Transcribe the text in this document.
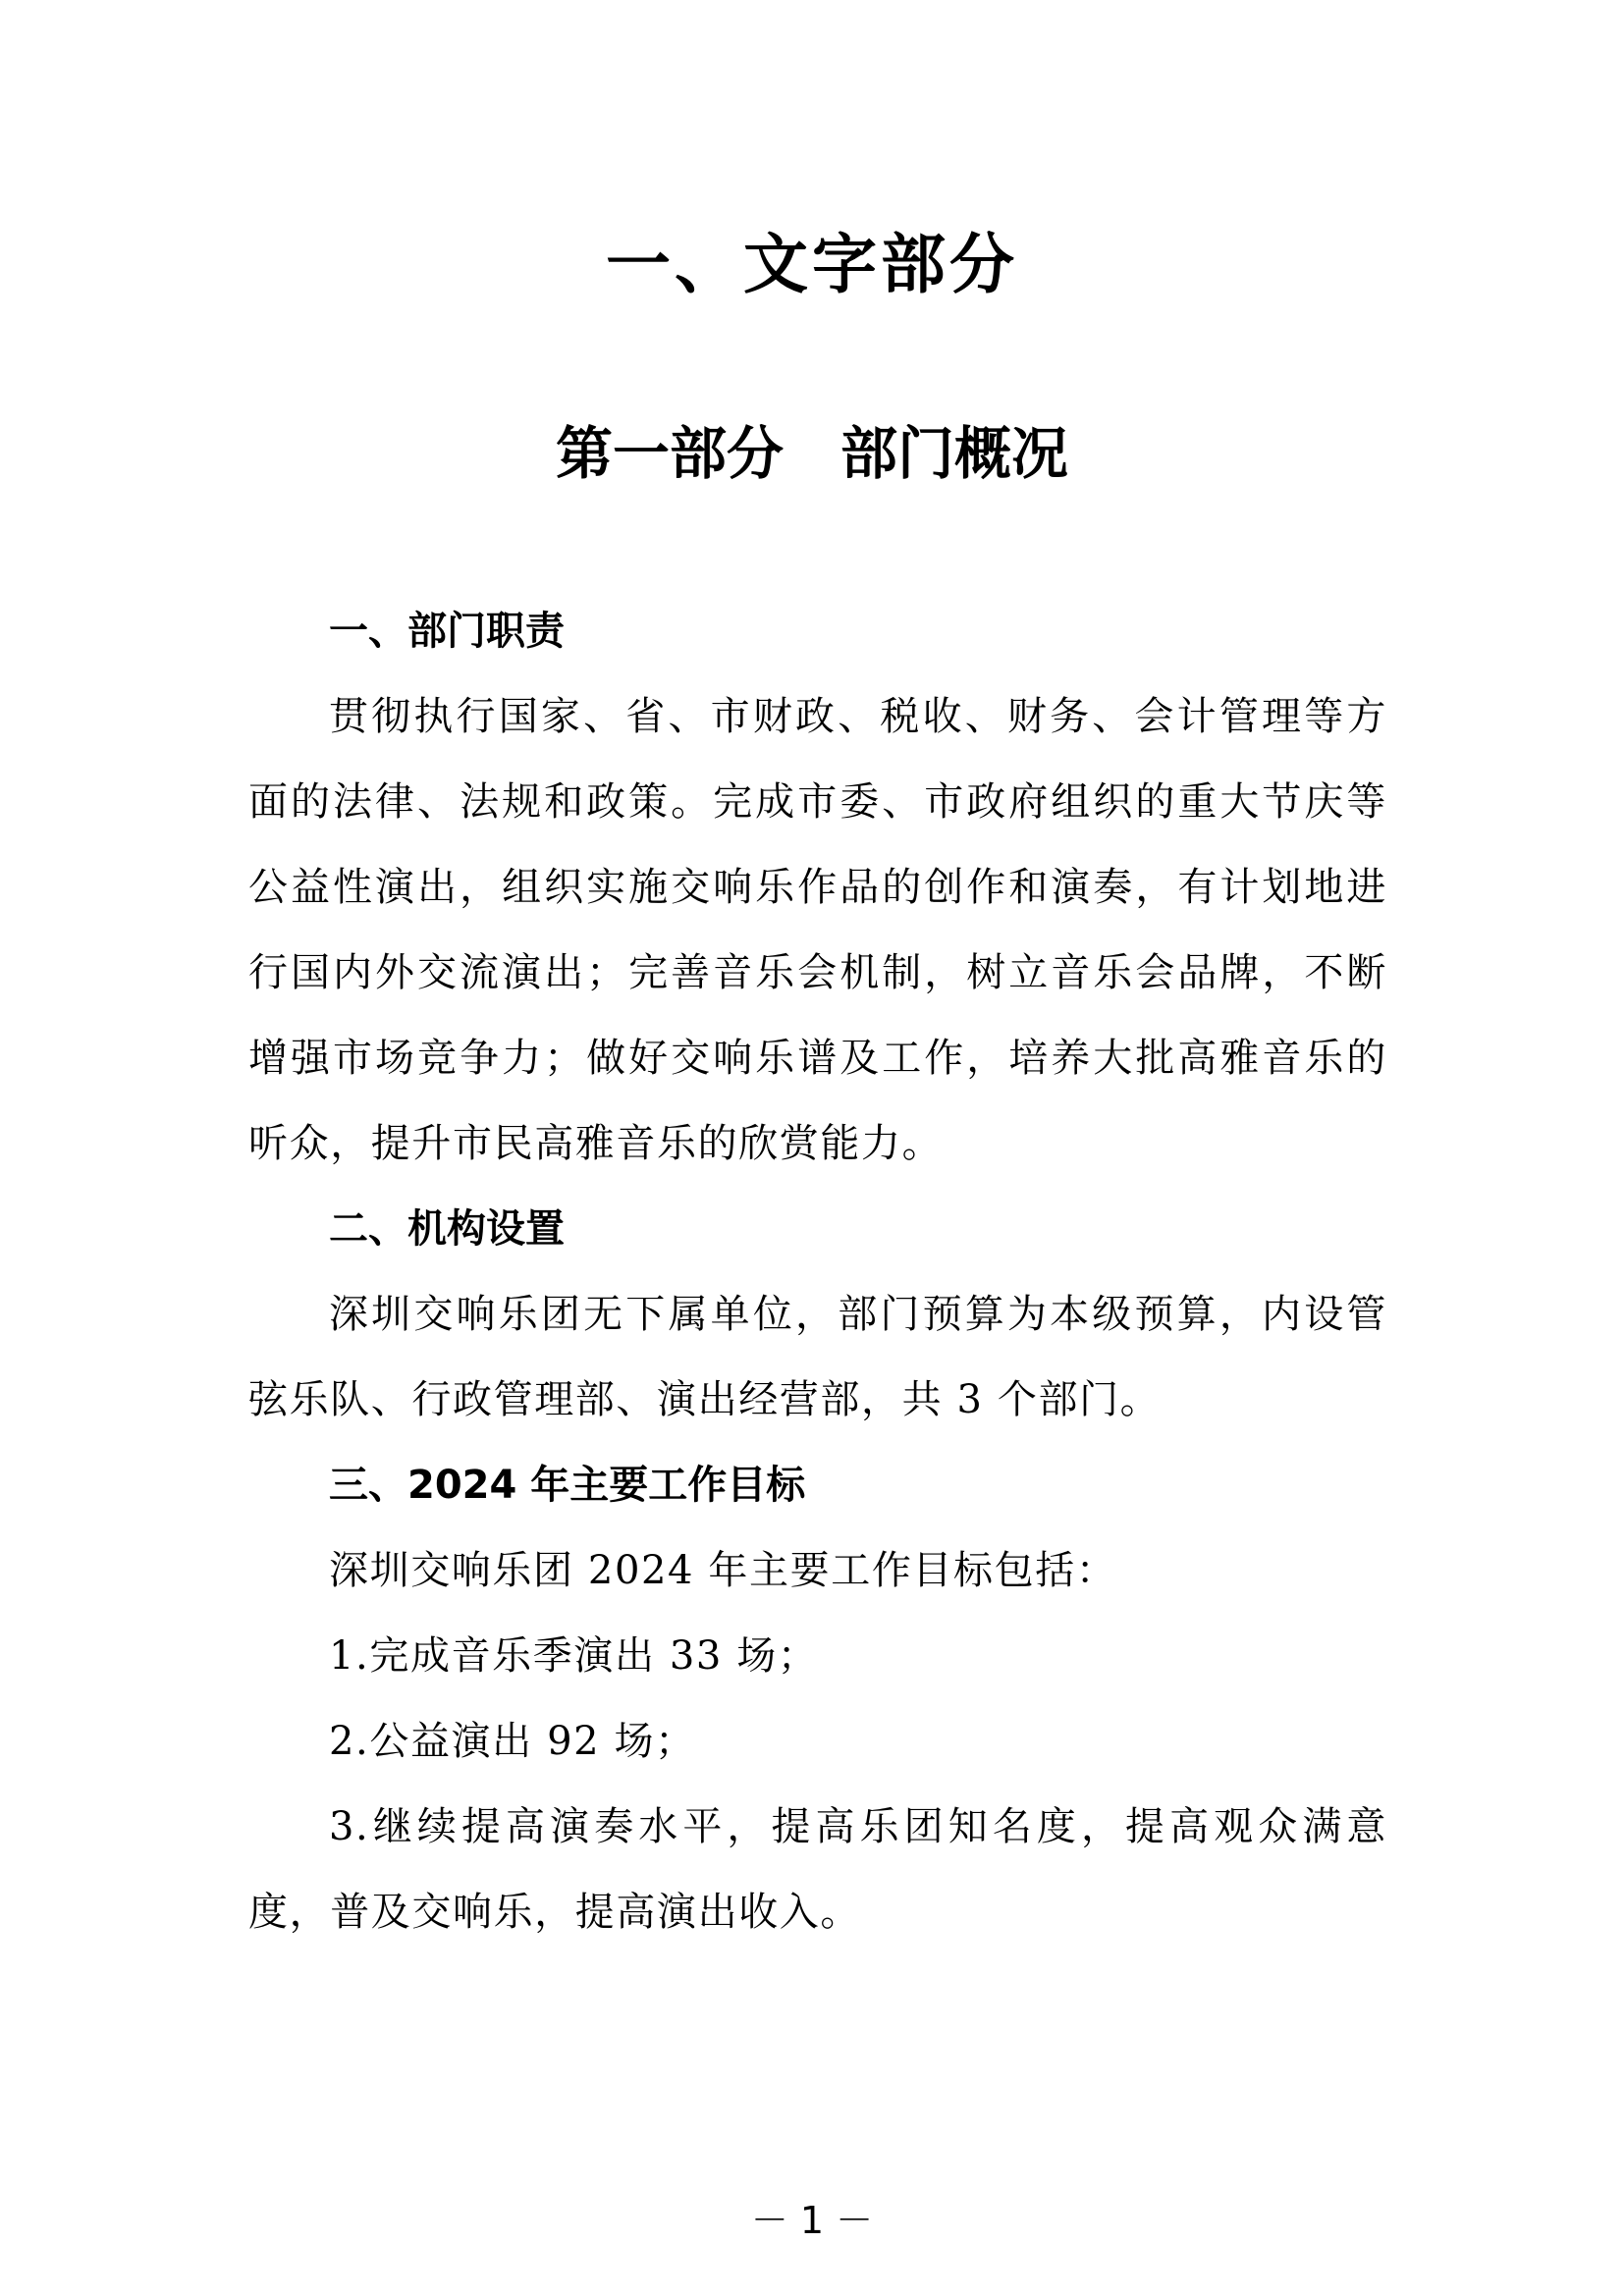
一、文字部分
第一部分　部门概况
一、部门职责

贯彻执行国家、省、市财政、税收、财务、会计管理等方面的法律、法规和政策。完成市委、市政府组织的重大节庆等公益性演出，组织实施交响乐作品的创作和演奏，有计划地进行国内外交流演出；完善音乐会机制，树立音乐会品牌，不断增强市场竞争力；做好交响乐谱及工作，培养大批高雅音乐的听众，提升市民高雅音乐的欣赏能力。

二、机构设置

深圳交响乐团无下属单位，部门预算为本级预算，内设管弦乐队、行政管理部、演出经营部，共 3 个部门。

三、2024 年主要工作目标

深圳交响乐团 2024 年主要工作目标包括：

1.完成音乐季演出 33 场；

2.公益演出 92 场；

3.继续提高演奏水平，提高乐团知名度，提高观众满意度，普及交响乐，提高演出收入。

－ 1 －
